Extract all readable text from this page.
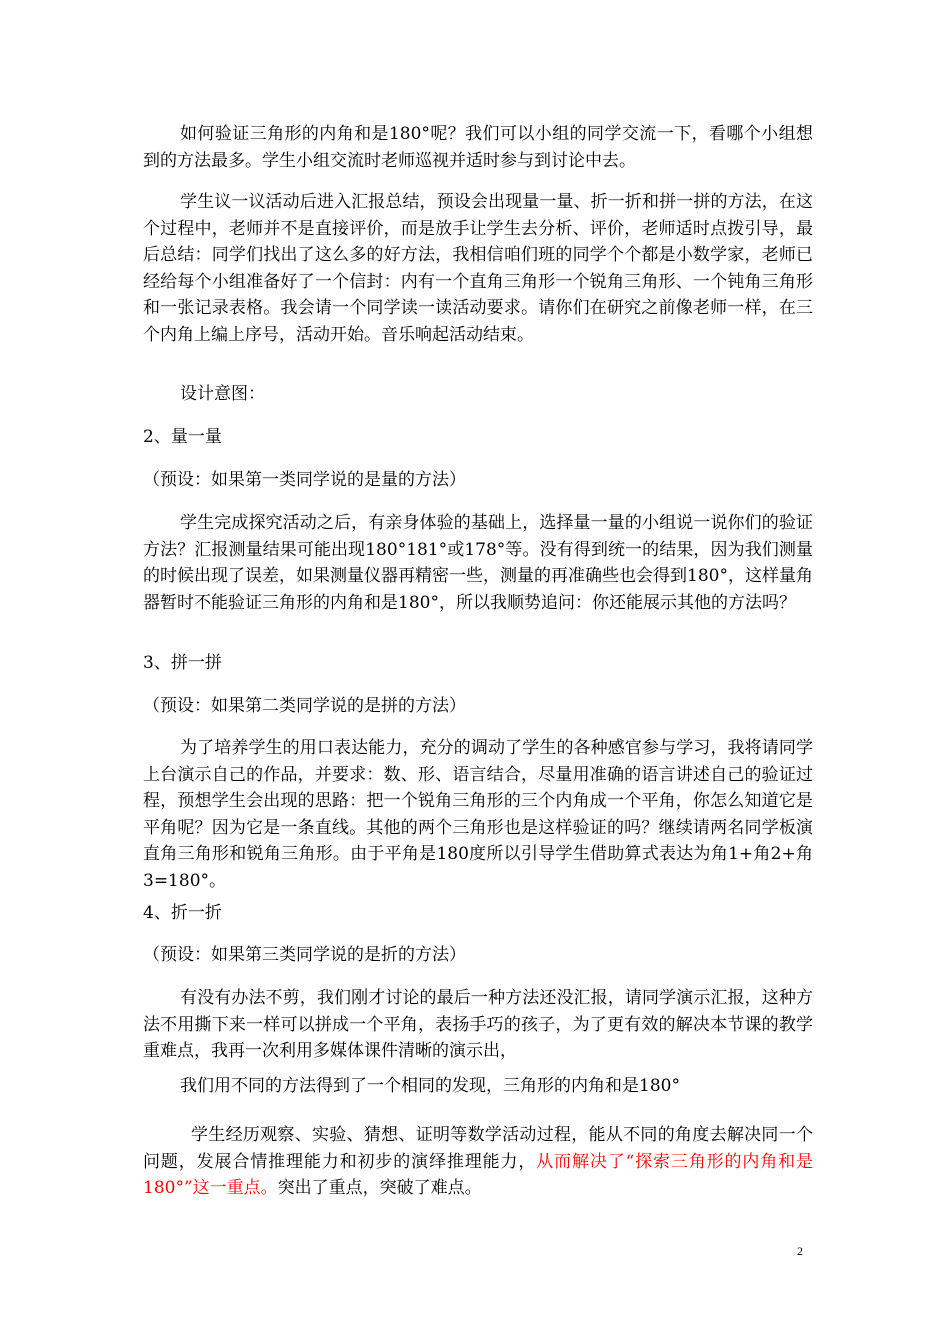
如何验证三角形的内角和是180°呢？我们可以小组的同学交流一下，看哪个小组想到的方法最多。学生小组交流时老师巡视并适时参与到讨论中去。

学生议一议活动后进入汇报总结，预设会出现量一量、折一折和拼一拼的方法，在这个过程中，老师并不是直接评价，而是放手让学生去分析、评价，老师适时点拨引导，最后总结：同学们找出了这么多的好方法，我相信咱们班的同学个个都是小数学家，老师已经给每个小组准备好了一个信封：内有一个直角三角形一个锐角三角形、一个钝角三角形和一张记录表格。我会请一个同学读一读活动要求。请你们在研究之前像老师一样，在三个内角上编上序号，活动开始。音乐响起活动结束。

设计意图：

2、量一量

（预设：如果第一类同学说的是量的方法）

学生完成探究活动之后，有亲身体验的基础上，选择量一量的小组说一说你们的验证方法？汇报测量结果可能出现180°181°或178°等。没有得到统一的结果，因为我们测量的时候出现了误差，如果测量仪器再精密一些，测量的再准确些也会得到180°，这样量角器暂时不能验证三角形的内角和是180°，所以我顺势追问：你还能展示其他的方法吗？

3、拼一拼

（预设：如果第二类同学说的是拼的方法）

为了培养学生的用口表达能力，充分的调动了学生的各种感官参与学习，我将请同学上台演示自己的作品，并要求：数、形、语言结合，尽量用准确的语言讲述自己的验证过程，预想学生会出现的思路：把一个锐角三角形的三个内角成一个平角，你怎么知道它是平角呢？因为它是一条直线。其他的两个三角形也是这样验证的吗？继续请两名同学板演直角三角形和锐角三角形。由于平角是180度所以引导学生借助算式表达为角1+角2+角3=180°。

4、折一折

（预设：如果第三类同学说的是折的方法）

有没有办法不剪，我们刚才讨论的最后一种方法还没汇报，请同学演示汇报，这种方法不用撕下来一样可以拼成一个平角，表扬手巧的孩子，为了更有效的解决本节课的教学重难点，我再一次利用多媒体课件清晰的演示出，

我们用不同的方法得到了一个相同的发现，三角形的内角和是180°

学生经历观察、实验、猜想、证明等数学活动过程，能从不同的角度去解决同一个问题，发展合情推理能力和初步的演绎推理能力，从而解决了“探索三角形的内角和是180°”这一重点。突出了重点，突破了难点。

2
